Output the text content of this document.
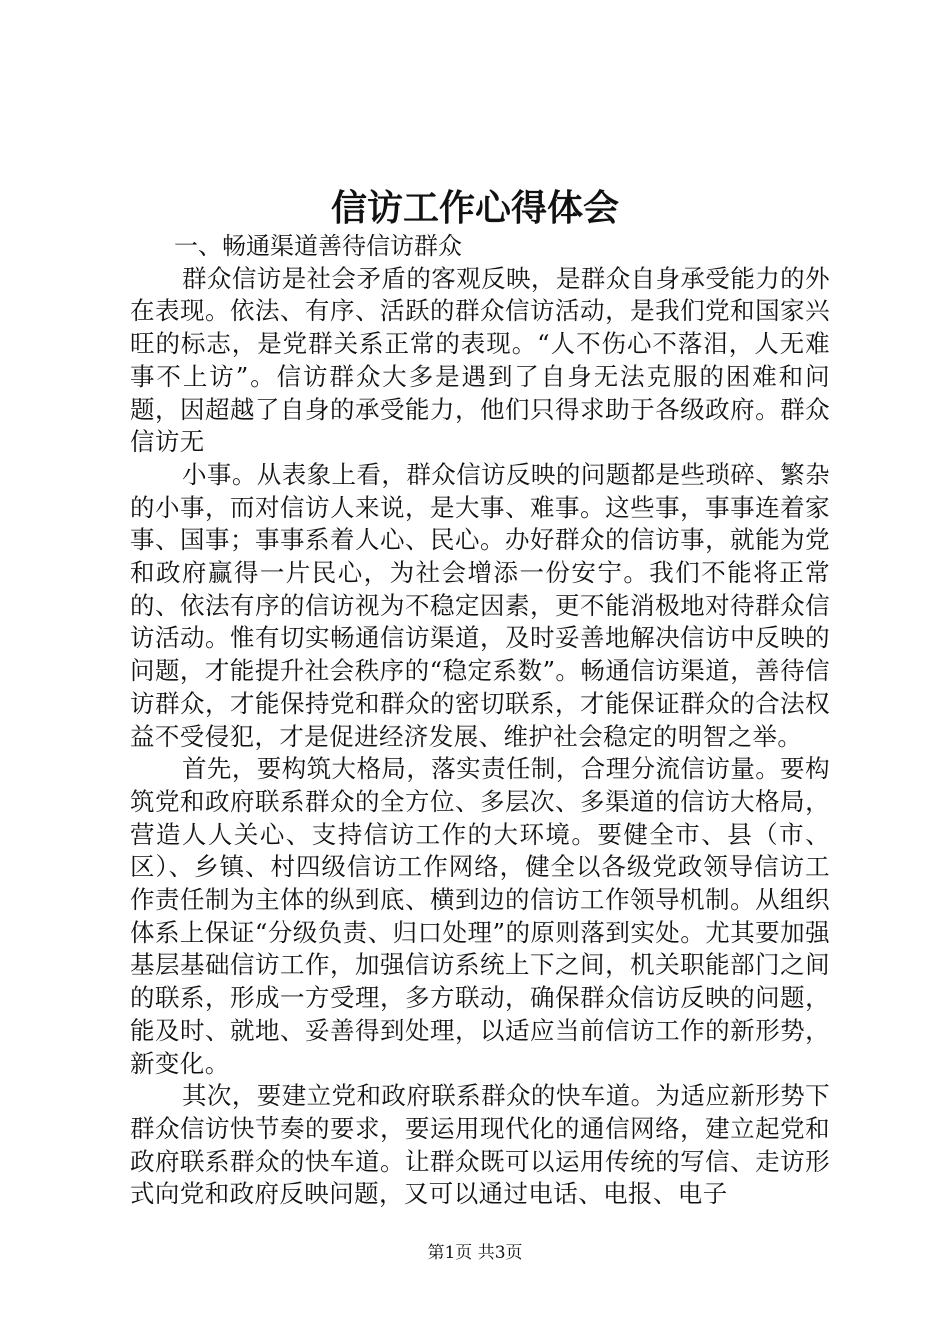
信访工作心得体会

一、畅通渠道善待信访群众

群众信访是社会矛盾的客观反映，是群众自身承受能力的外在表现。依法、有序、活跃的群众信访活动，是我们党和国家兴旺的标志，是党群关系正常的表现。“人不伤心不落泪，人无难事不上访”。信访群众大多是遇到了自身无法克服的困难和问题，因超越了自身的承受能力，他们只得求助于各级政府。群众信访无

小事。从表象上看，群众信访反映的问题都是些琐碎、繁杂的小事，而对信访人来说，是大事、难事。这些事，事事连着家事、国事；事事系着人心、民心。办好群众的信访事，就能为党和政府赢得一片民心，为社会增添一份安宁。我们不能将正常的、依法有序的信访视为不稳定因素，更不能消极地对待群众信访活动。惟有切实畅通信访渠道，及时妥善地解决信访中反映的问题，才能提升社会秩序的“稳定系数”。畅通信访渠道，善待信访群众，才能保持党和群众的密切联系，才能保证群众的合法权益不受侵犯，才是促进经济发展、维护社会稳定的明智之举。

首先，要构筑大格局，落实责任制，合理分流信访量。要构筑党和政府联系群众的全方位、多层次、多渠道的信访大格局，营造人人关心、支持信访工作的大环境。要健全市、县（市、区）、乡镇、村四级信访工作网络，健全以各级党政领导信访工作责任制为主体的纵到底、横到边的信访工作领导机制。从组织体系上保证“分级负责、归口处理”的原则落到实处。尤其要加强基层基础信访工作，加强信访系统上下之间，机关职能部门之间的联系，形成一方受理，多方联动，确保群众信访反映的问题，能及时、就地、妥善得到处理，以适应当前信访工作的新形势，新变化。

其次，要建立党和政府联系群众的快车道。为适应新形势下群众信访快节奏的要求，要运用现代化的通信网络，建立起党和政府联系群众的快车道。让群众既可以运用传统的写信、走访形式向党和政府反映问题，又可以通过电话、电报、电子

第1页 共3页
